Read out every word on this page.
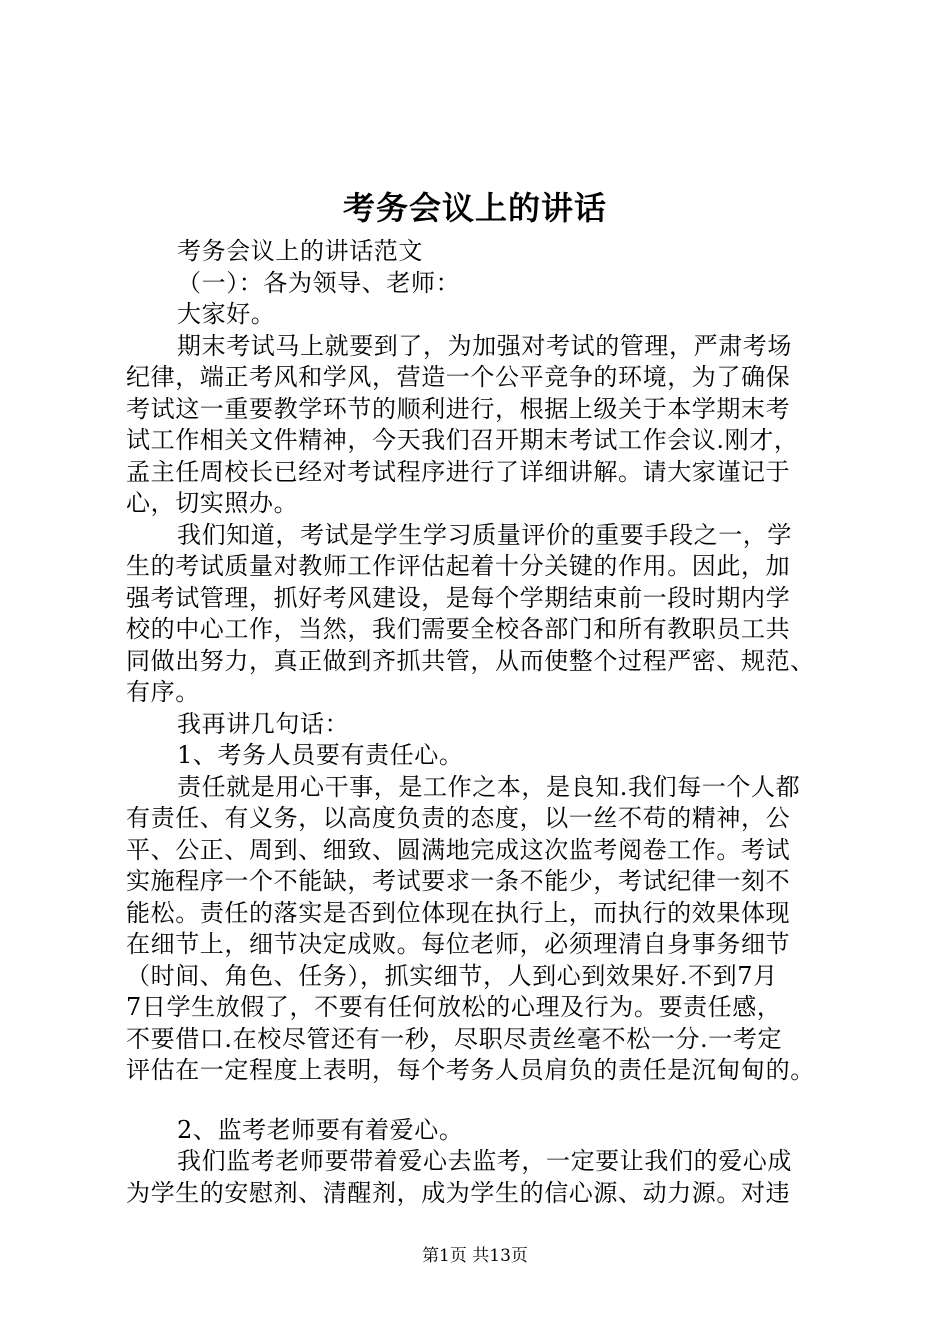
考务会议上的讲话
考务会议上的讲话范文
（一）：各为领导、老师：
大家好。
期末考试马上就要到了，为加强对考试的管理，严肃考场
纪律，端正考风和学风，营造一个公平竞争的环境，为了确保
考试这一重要教学环节的顺利进行，根据上级关于本学期末考
试工作相关文件精神，今天我们召开期末考试工作会议.刚才，
孟主任周校长已经对考试程序进行了详细讲解。请大家谨记于
心，切实照办。
我们知道，考试是学生学习质量评价的重要手段之一，学
生的考试质量对教师工作评估起着十分关键的作用。因此，加
强考试管理，抓好考风建设，是每个学期结束前一段时期内学
校的中心工作，当然，我们需要全校各部门和所有教职员工共
同做出努力，真正做到齐抓共管，从而使整个过程严密、规范、
有序。
我再讲几句话：
1、考务人员要有责任心。
责任就是用心干事，是工作之本，是良知.我们每一个人都
有责任、有义务，以高度负责的态度，以一丝不苟的精神，公
平、公正、周到、细致、圆满地完成这次监考阅卷工作。考试
实施程序一个不能缺，考试要求一条不能少，考试纪律一刻不
能松。责任的落实是否到位体现在执行上，而执行的效果体现
在细节上，细节决定成败。每位老师，必须理清自身事务细节
（时间、角色、任务），抓实细节，人到心到效果好.不到7月
7日学生放假了，不要有任何放松的心理及行为。要责任感，
不要借口.在校尽管还有一秒，尽职尽责丝毫不松一分.一考定
评估在一定程度上表明，每个考务人员肩负的责任是沉甸甸的。
2、监考老师要有着爱心。
我们监考老师要带着爱心去监考，一定要让我们的爱心成
为学生的安慰剂、清醒剂，成为学生的信心源、动力源。对违
第1页 共13页
